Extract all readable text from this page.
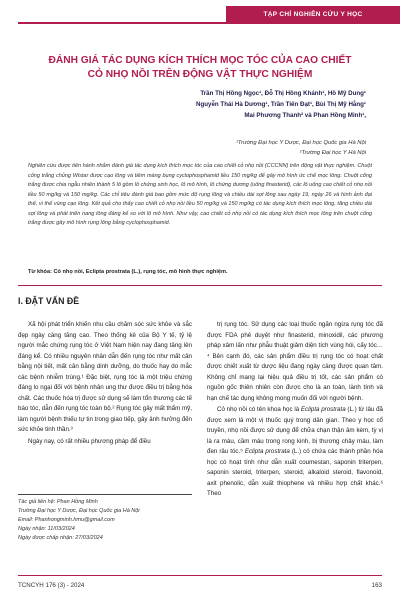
TẠP CHÍ NGHIÊN CỨU Y HỌC
ĐÁNH GIÁ TÁC DỤNG KÍCH THÍCH MỌC TÓC CỦA CAO CHIẾT
CỎ NHỌ NỒI TRÊN ĐỘNG VẬT THỰC NGHIỆM
Trần Thị Hồng Ngọc¹, Đỗ Thị Hồng Khánh¹, Hồ Mỹ Dung¹
Nguyễn Thái Hà Dương¹, Trần Tiến Đạt¹, Bùi Thị Mỹ Hằng¹
Mai Phương Thanh² và Phan Hồng Minh¹,
¹Trường Đại học Y Dược, Đại học Quốc gia Hà Nội
²Trường Đại học Y Hà Nội
Nghiên cứu được tiến hành nhằm đánh giá tác dụng kích thích mọc tóc của cao chiết cỏ nhọ nồi (CCCNN) trên động vật thực nghiệm. Chuột cống trắng chủng Wistar được cạo lông và tiêm màng bụng cyclophosphamid liều 150 mg/kg để gây mô hình ức chế mọc lông. Chuột cống trắng được chia ngẫu nhiên thành 5 lô gồm lô chứng sinh học, lô mô hình, lô chứng dương (uống finasterid), các lô uống cao chiết cỏ nhọ nồi liều 50 mg/kg và 150 mg/kg. Các chỉ tiêu đánh giá bao gồm mức độ rụng lông và chiều dài sợi lông sau ngày 19, ngày 26 và hình ảnh đại thể, vi thể vùng cạo lông. Kết quả cho thấy cao chiết cỏ nhọ nồi liều 50 mg/kg và 150 mg/kg có tác dụng kích thích mọc lông, tăng chiều dài sợi lông và phát triển nang lông đáng kể so với lô mô hình. Như vậy, cao chiết cỏ nhọ nồi có tác dụng kích thích mọc lông trên chuột cống trắng được gây mô hình rụng lông bằng cyclophosphamid.
Từ khóa: Cỏ nhọ nồi, Eclipta prostrata (L.), rụng tóc, mô hình thực nghiệm.
I. ĐẶT VẤN ĐỀ

Xã hội phát triển khiến nhu cầu chăm sóc sức khỏe và sắc đẹp ngày càng tăng cao. Theo thống kê của Bộ Y tế, tỷ lệ người mắc chứng rụng tóc ở Việt Nam hiện nay đang tăng lên đáng kể. Có nhiều nguyên nhân dẫn đến rụng tóc như mất cân bằng nội tiết, mất cân bằng dinh dưỡng, do thuốc hay do mắc các bệnh nhiễm trùng.¹ Đặc biệt, rụng tóc là một triệu chứng đáng lo ngại đối với bệnh nhân ung thư được điều trị bằng hóa chất. Các thuốc hóa trị được sử dụng sẽ làm tổn thương các tế bào tóc, dẫn đến rụng tóc toàn bộ.² Rụng tóc gây mất thẩm mỹ, làm người bệnh thiếu tự tin trong giao tiếp, gây ảnh hưởng đến sức khỏe tinh thần.³

Ngày nay, có rất nhiều phương pháp để điều

trị rụng tóc. Sử dụng các loại thuốc ngăn ngừa rụng tóc đã được FDA phê duyệt như finasterid, minoxidil, các phương pháp xâm lấn như phẫu thuật giảm diện tích vùng hói, cấy tóc… ⁴ Bên cạnh đó, các sản phẩm điều trị rụng tóc có hoạt chất được chiết xuất từ dược liệu đang ngày càng được quan tâm. Không chỉ mang lại hiệu quả điều trị tốt, các sản phẩm có nguồn gốc thiên nhiên còn được cho là an toàn, lành tính và hạn chế tác dụng không mong muốn đối với người bệnh.

Cỏ nhọ nồi có tên khoa học là Eclipta prostrata (L.) từ lâu đã được xem là một vị thuốc quý trong dân gian. Theo y học cổ truyền, nhọ nồi được sử dụng để chữa chạn thận âm kém, tỳ vị là ra máu, cầm máu trong rong kinh, bị thương chảy máu, làm đen râu tóc.⁵ Eclipta prostrata (L.) có chứa các thành phần hóa học có hoạt tính như dẫn xuất coumestan, saponin triterpen, saponin steroid, triterpen, steroid, alkaloid steroid, flavonoid, axit phenolic, dẫn xuất thiophene và nhiều hợp chất khác.⁶ Theo

Tác giả liên hệ: Phan Hồng Minh
Trường Đại học Y Dược, Đại học Quốc gia Hà Nội
Email: Phanhongminh.hmu@gmail.com
Ngày nhận: 11/03/2024
Ngày được chấp nhận: 27/03/2024
TCNCYH 176 (3) - 2024	163
